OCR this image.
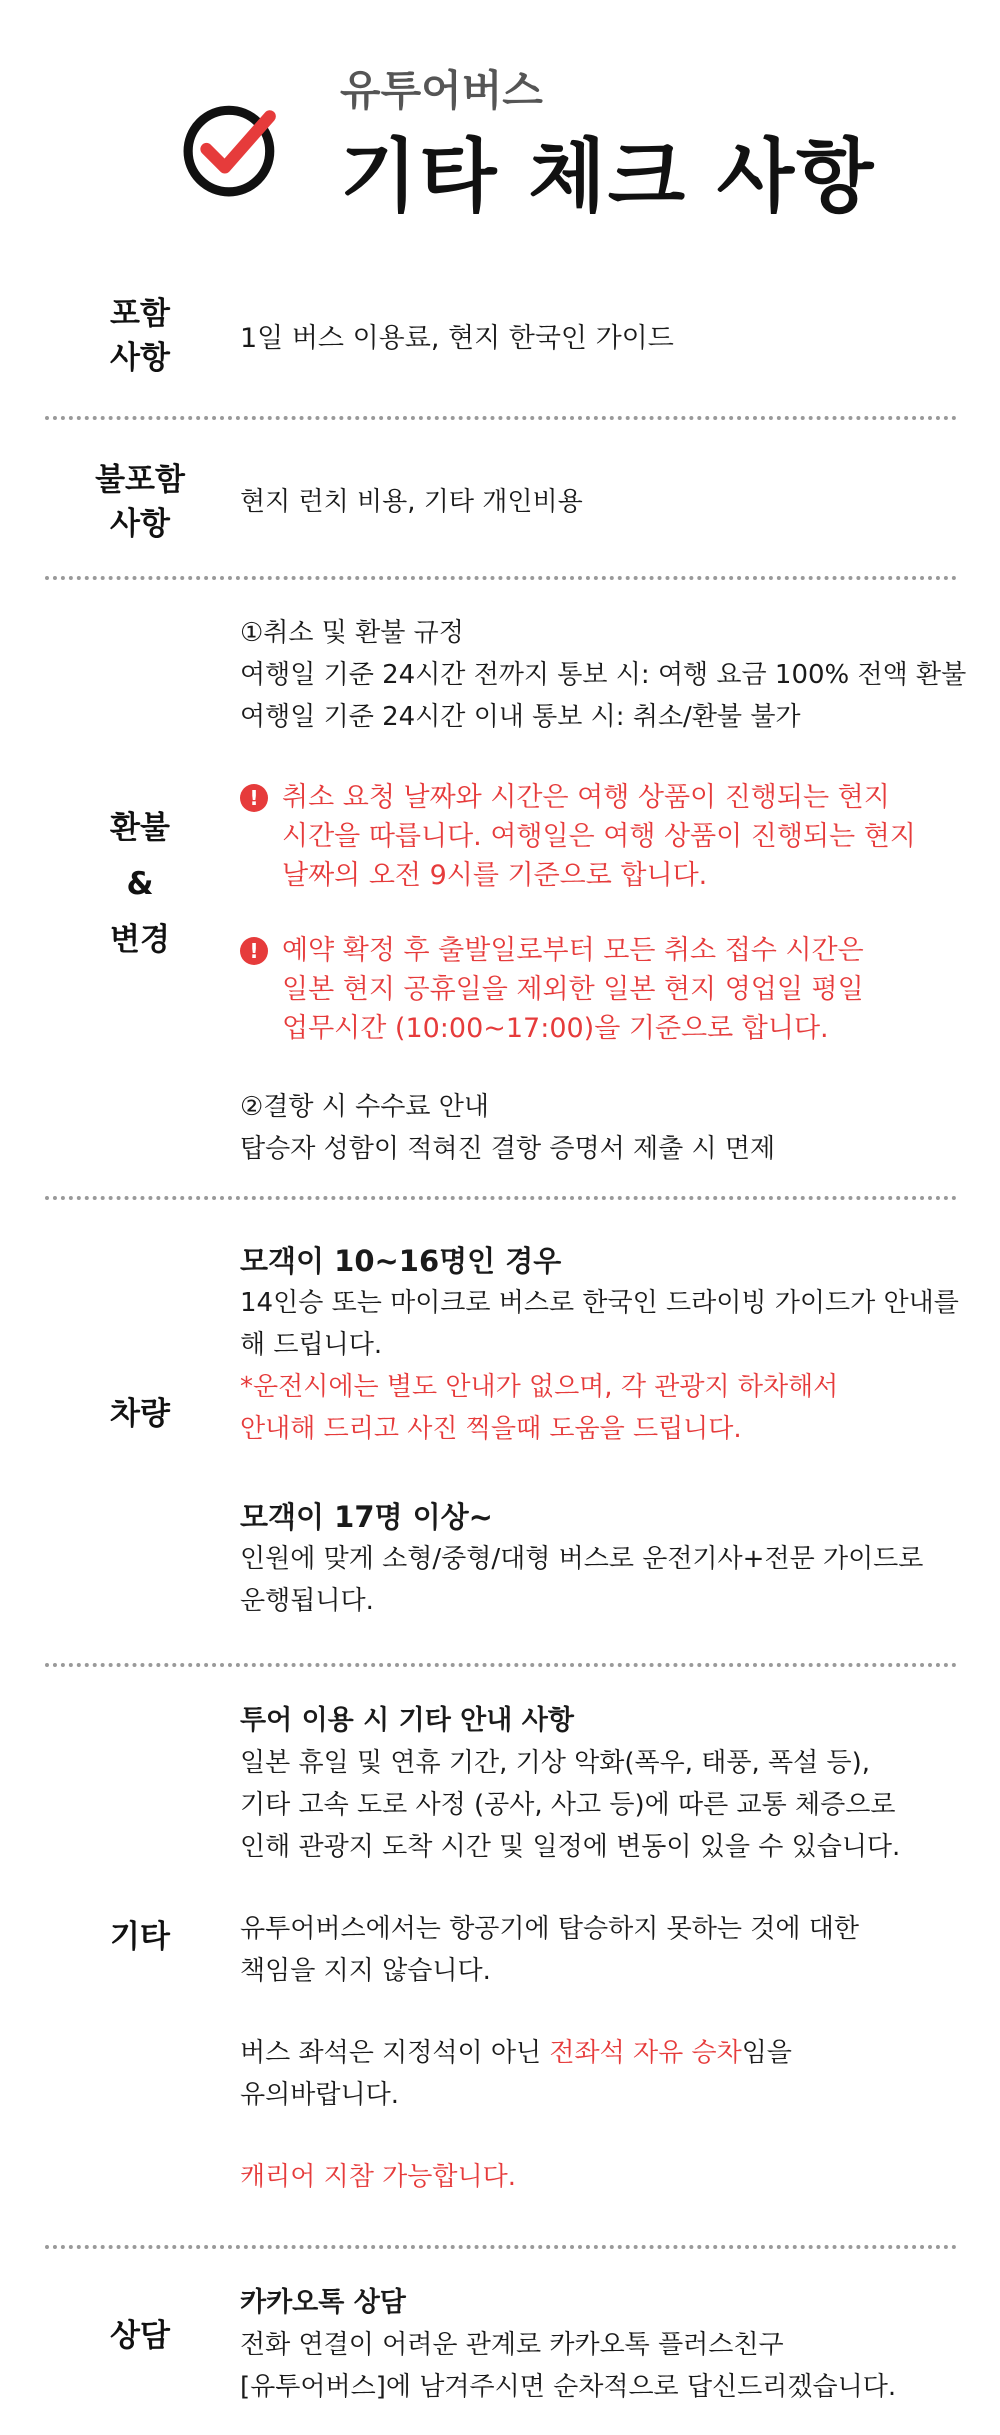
유투어버스
기타 체크 사항
포함
사항
1일 버스 이용료, 현지 한국인 가이드
불포함
사항
현지 런치 비용, 기타 개인비용
환불
&
변경

①취소 및 환불 규정

여행일 기준 24시간 전까지 통보 시: 여행 요금 100% 전액 환불

여행일 기준 24시간 이내 통보 시: 취소/환불 불가

! 취소 요청 날짜와 시간은 여행 상품이 진행되는 현지
시간을 따릅니다. 여행일은 여행 상품이 진행되는 현지
날짜의 오전 9시를 기준으로 합니다.
! 예약 확정 후 출발일로부터 모든 취소 접수 시간은
일본 현지 공휴일을 제외한 일본 현지 영업일 평일
업무시간 (10:00~17:00)을 기준으로 합니다.

②결항 시 수수료 안내

탑승자 성함이 적혀진 결항 증명서 제출 시 면제

차량

모객이 10~16명인 경우

14인승 또는 마이크로 버스로 한국인 드라이빙 가이드가 안내를

해 드립니다.

*운전시에는 별도 안내가 없으며, 각 관광지 하차해서

안내해 드리고 사진 찍을때 도움을 드립니다.

모객이 17명 이상~

인원에 맞게 소형/중형/대형 버스로 운전기사+전문 가이드로

운행됩니다.

기타

투어 이용 시 기타 안내 사항

일본 휴일 및 연휴 기간, 기상 악화(폭우, 태풍, 폭설 등),

기타 고속 도로 사정 (공사, 사고 등)에 따른 교통 체증으로

인해 관광지 도착 시간 및 일정에 변동이 있을 수 있습니다.

유투어버스에서는 항공기에 탑승하지 못하는 것에 대한

책임을 지지 않습니다.

버스 좌석은 지정석이 아닌 전좌석 자유 승차임을

유의바랍니다.

캐리어 지참 가능합니다.

상담

카카오톡 상담

전화 연결이 어려운 관계로 카카오톡 플러스친구

[유투어버스]에 남겨주시면 순차적으로 답신드리겠습니다.
